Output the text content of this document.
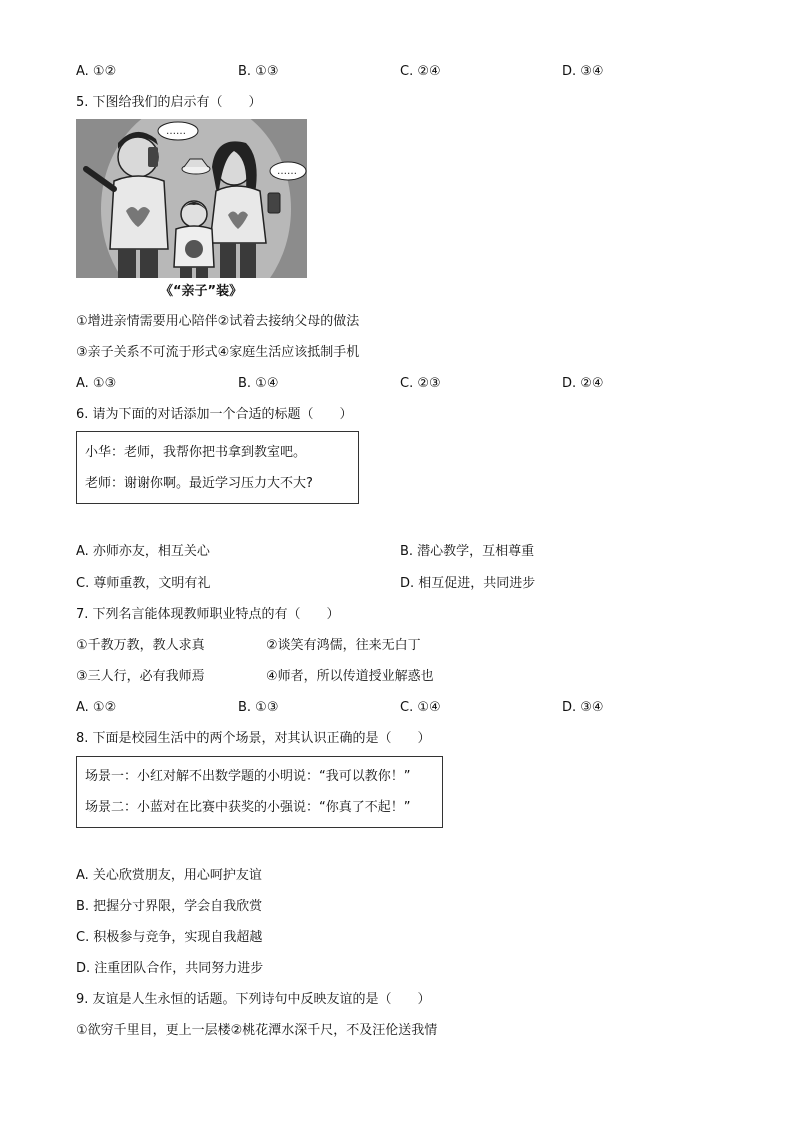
A. ①②	B. ①③	C. ②④	D. ③④
5. 下图给我们的启示有（　　）
……
……
《“亲子”装》
①增进亲情需要用心陪伴②试着去接纳父母的做法
③亲子关系不可流于形式④家庭生活应该抵制手机
A. ①③	B. ①④	C. ②③	D. ②④
6. 请为下面的对话添加一个合适的标题（　　）
小华：老师，我帮你把书拿到教室吧。
老师：谢谢你啊。最近学习压力大不大?
A. 亦师亦友，相互关心	B. 潜心教学，互相尊重
C. 尊师重教，文明有礼	D. 相互促进，共同进步
7. 下列名言能体现教师职业特点的有（　　）
①千教万教，教人求真	②谈笑有鸿儒，往来无白丁
③三人行，必有我师焉	④师者，所以传道授业解惑也
A. ①②	B. ①③	C. ①④	D. ③④
8. 下面是校园生活中的两个场景，对其认识正确的是（　　）
场景一：小红对解不出数学题的小明说：“我可以教你！”
场景二：小蓝对在比赛中获奖的小强说：“你真了不起！”
A. 关心欣赏朋友，用心呵护友谊
B. 把握分寸界限，学会自我欣赏
C. 积极参与竞争，实现自我超越
D. 注重团队合作，共同努力进步
9. 友谊是人生永恒的话题。下列诗句中反映友谊的是（　　）
①欲穷千里目，更上一层楼②桃花潭水深千尺，不及汪伦送我情
